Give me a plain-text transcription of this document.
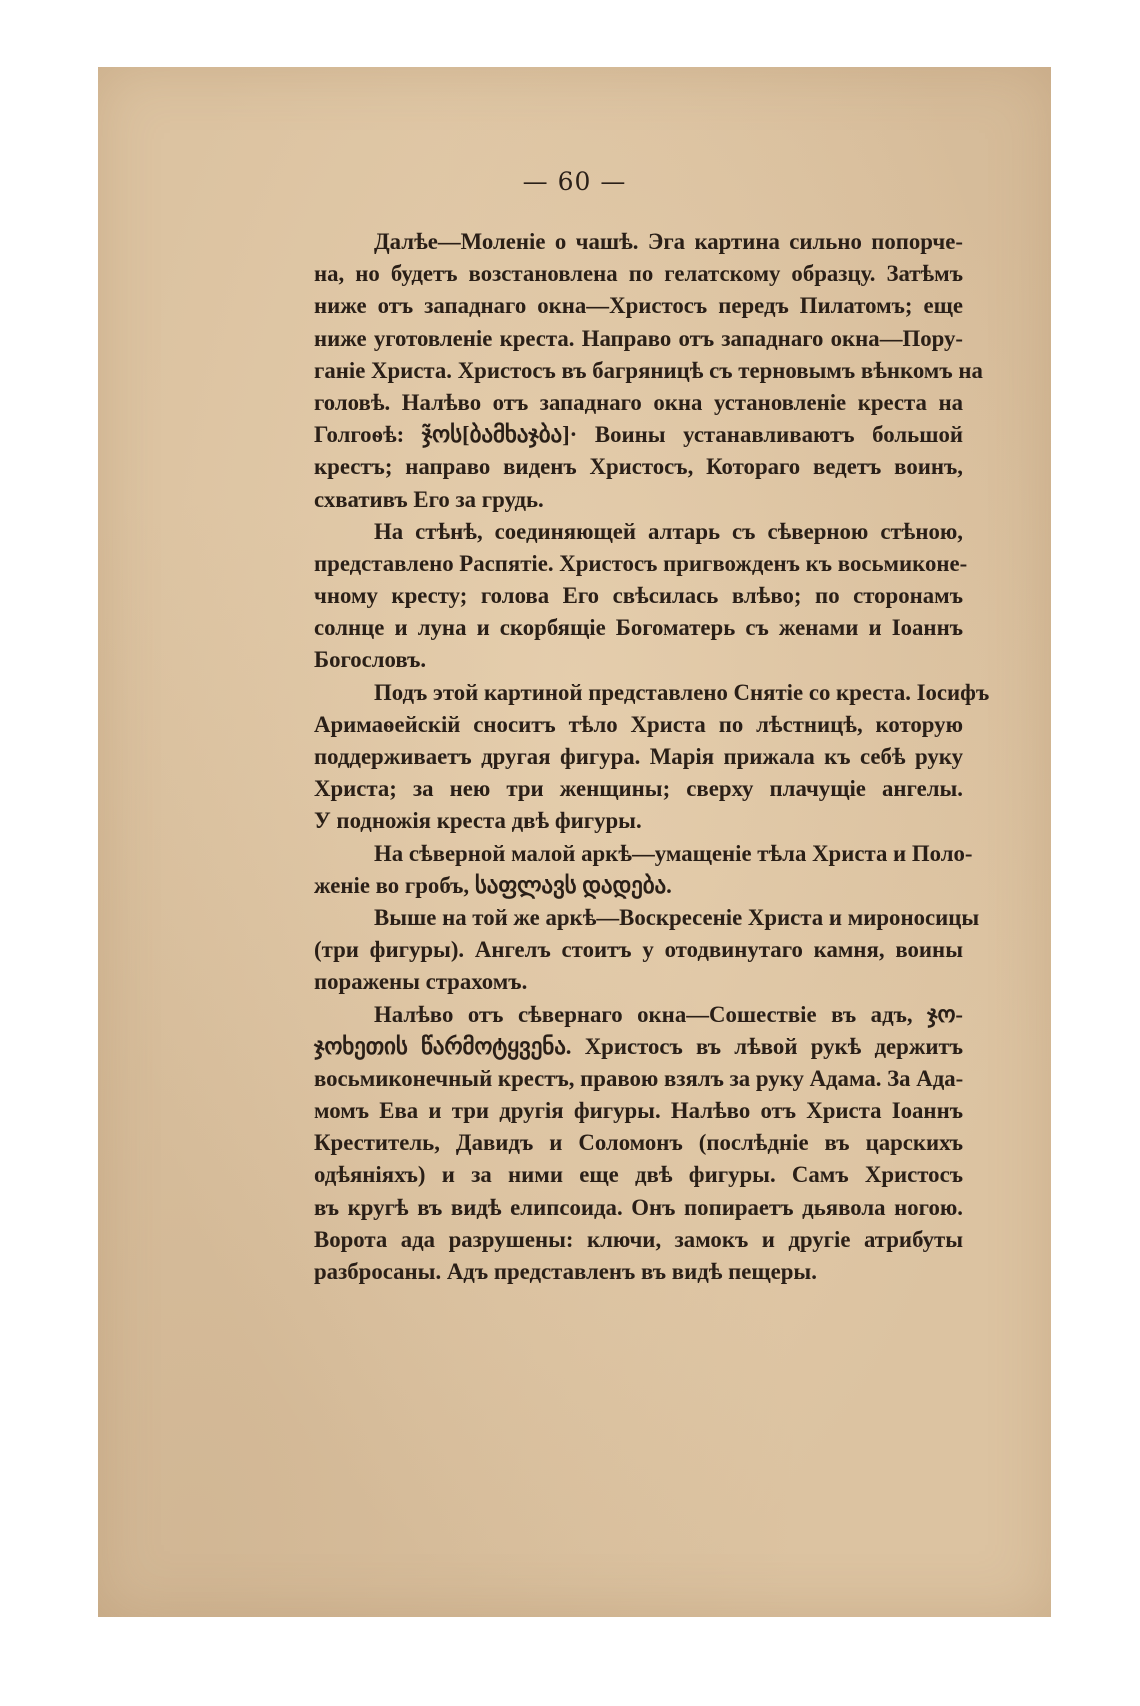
— 60 —
Далѣе—Моленіе о чашѣ. Эга картина сильно попорче-
на, но будетъ возстановлена по гелатскому образцу. Затѣмъ
ниже отъ западнаго окна—Христосъ передъ Пилатомъ; еще
ниже уготовленіе креста. Направо отъ западнаго окна—Пору-
ганіе Христа. Христосъ въ багряницѣ съ терновымъ вѣнкомъ на
головѣ. Налѣво отъ западнаго окна установленіе креста на
Голгоѳѣ: ჯ̃ოს[ბამხაჯბა]· Воины устанавливаютъ большой
крестъ; направо виденъ Христосъ, Котораго ведетъ воинъ,
схвативъ Его за грудь.
На стѣнѣ, соединяющей алтарь съ сѣверною стѣною,
представлено Распятіе. Христосъ пригвожденъ къ восьмиконе-
чному кресту; голова Его свѣсилась влѣво; по сторонамъ
солнце и луна и скорбящіе Богоматерь съ женами и Іоаннъ
Богословъ.
Подъ этой картиной представлено Снятіе со креста. Іосифъ
Аримаѳейскій сноситъ тѣло Христа по лѣстницѣ, которую
поддерживаетъ другая фигура. Марія прижала къ себѣ руку
Христа; за нею три женщины; сверху плачущіе ангелы.
У подножія креста двѣ фигуры.
На сѣверной малой аркѣ—умащеніе тѣла Христа и Поло-
женіе во гробъ, საფლავს დადება.
Выше на той же аркѣ—Воскресеніе Христа и мироносицы
(три фигуры). Ангелъ стоитъ у отодвинутаго камня, воины
поражены страхомъ.
Налѣво отъ сѣвернаго окна—Сошествіе въ адъ, ჯო-
ჯოხეთის წარმოტყვენა. Христосъ въ лѣвой рукѣ держитъ
восьмиконечный крестъ, правою взялъ за руку Адама. За Ада-
момъ Ева и три другія фигуры. Налѣво отъ Христа Іоаннъ
Креститель, Давидъ и Соломонъ (послѣдніе въ царскихъ
одѣяніяхъ) и за ними еще двѣ фигуры. Самъ Христосъ
въ кругѣ въ видѣ елипсоида. Онъ попираетъ дьявола ногою.
Ворота ада разрушены: ключи, замокъ и другіе атрибуты
разбросаны. Адъ представленъ въ видѣ пещеры.
